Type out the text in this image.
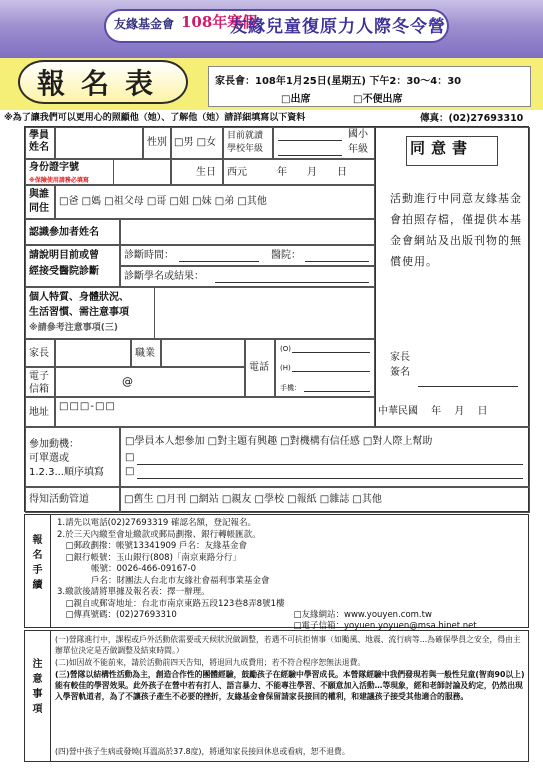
友緣基金會 108年寒假
友緣兒童復原力人際冬令營
報名表	家長會：108年1月25日(星期五) 下午2：30～4：30
□出席	□不便出席
※為了讓我們可以更用心的照顧他（她）、了解他（她）請詳細填寫以下資料	傳真：(02)27693310
學員
姓名	性別 □男 □女
目前就讀
學校年級
國小
年級
身份證字號
※保險使用請務必填寫
生日	西元　　　年　　月　　日
與誰
同住
□爸 □媽 □祖父母 □哥 □姐 □妹 □弟 □其他
認識參加者姓名
請說明目前或曾
經接受醫院診斷
診斷時間：	醫院：
診斷學名或結果：
個人特質、身體狀況、
生活習慣、需注意事項
※請參考注意事項(三)
家長	職業
電話
(O)
(H)
手機：
電子
信箱
@
地址
□□□-□□
同意書
活動進行中同意友緣基金會拍照存檔，僅提供本基金會網站及出版刊物的無償使用。
家長
簽名
中華民國　 年　 月　 日
參加動機：
可單選或
1.2.3...順序填寫
□學員本人想參加 □對主題有興趣 □對機構有信任感 □對人際上幫助
□
□
得知活動管道	□舊生 □月刊 □網站 □親友 □學校 □報紙 □雜誌 □其他
報
名
手
續
1.請先以電話(02)27693319 確認名額，登記報名。
2.於三天內繳至會址繳款或郵局劃撥、銀行轉帳匯款。
　□郵政劃撥：帳號13341909 戶名：友緣基金會
　□銀行帳號：玉山銀行(808)「南京東路分行」
　　　　帳號：0026-466-09167-0
　　　　戶名：財團法人台北市友緣社會福利事業基金會
3.繳款後請將單據及報名表：擇一辦理。
　□親自或郵寄地址：台北市南京東路五段123巷8弄8號1樓
　□傳真號碼：(02)27693310	　□友緣網站：www.youyen.com.tw
　□電子信箱：yoyuen.yoyuen@msa.hinet.net
注
意
事
項
(一)營隊進行中，課程或戶外活動依需要或天候狀況做調整，若遇不可抗拒情事（如颱風、地震、流行病等...為確保學員之安全，得由主辦單位決定是否做調整及結束時間。）
(二)如因故不能前來，請於活動前四天告知，將退回九成費用；若不符合程序恕無法退費。
(三)營隊以結構性活動為主，創造合作性的團體經驗，鼓勵孩子在經驗中學習成長。本營隊經驗中我們發現若與一般性兒童(智商90以上)能有較佳的學習效果。此外孩子在營中若有打人、語言暴力、不能專注學習、不願意加入活動…等現象，經和老師討論及約定，仍然出現入學習軌道者，為了不讓孩子產生不必要的挫折，友緣基金會保留請家長接回的權利，和建議孩子接受其他適合的服務。
(四)營中孩子生病或發燒(耳溫高於37.8度)，將通知家長接回休息或看病，恕不退費。
